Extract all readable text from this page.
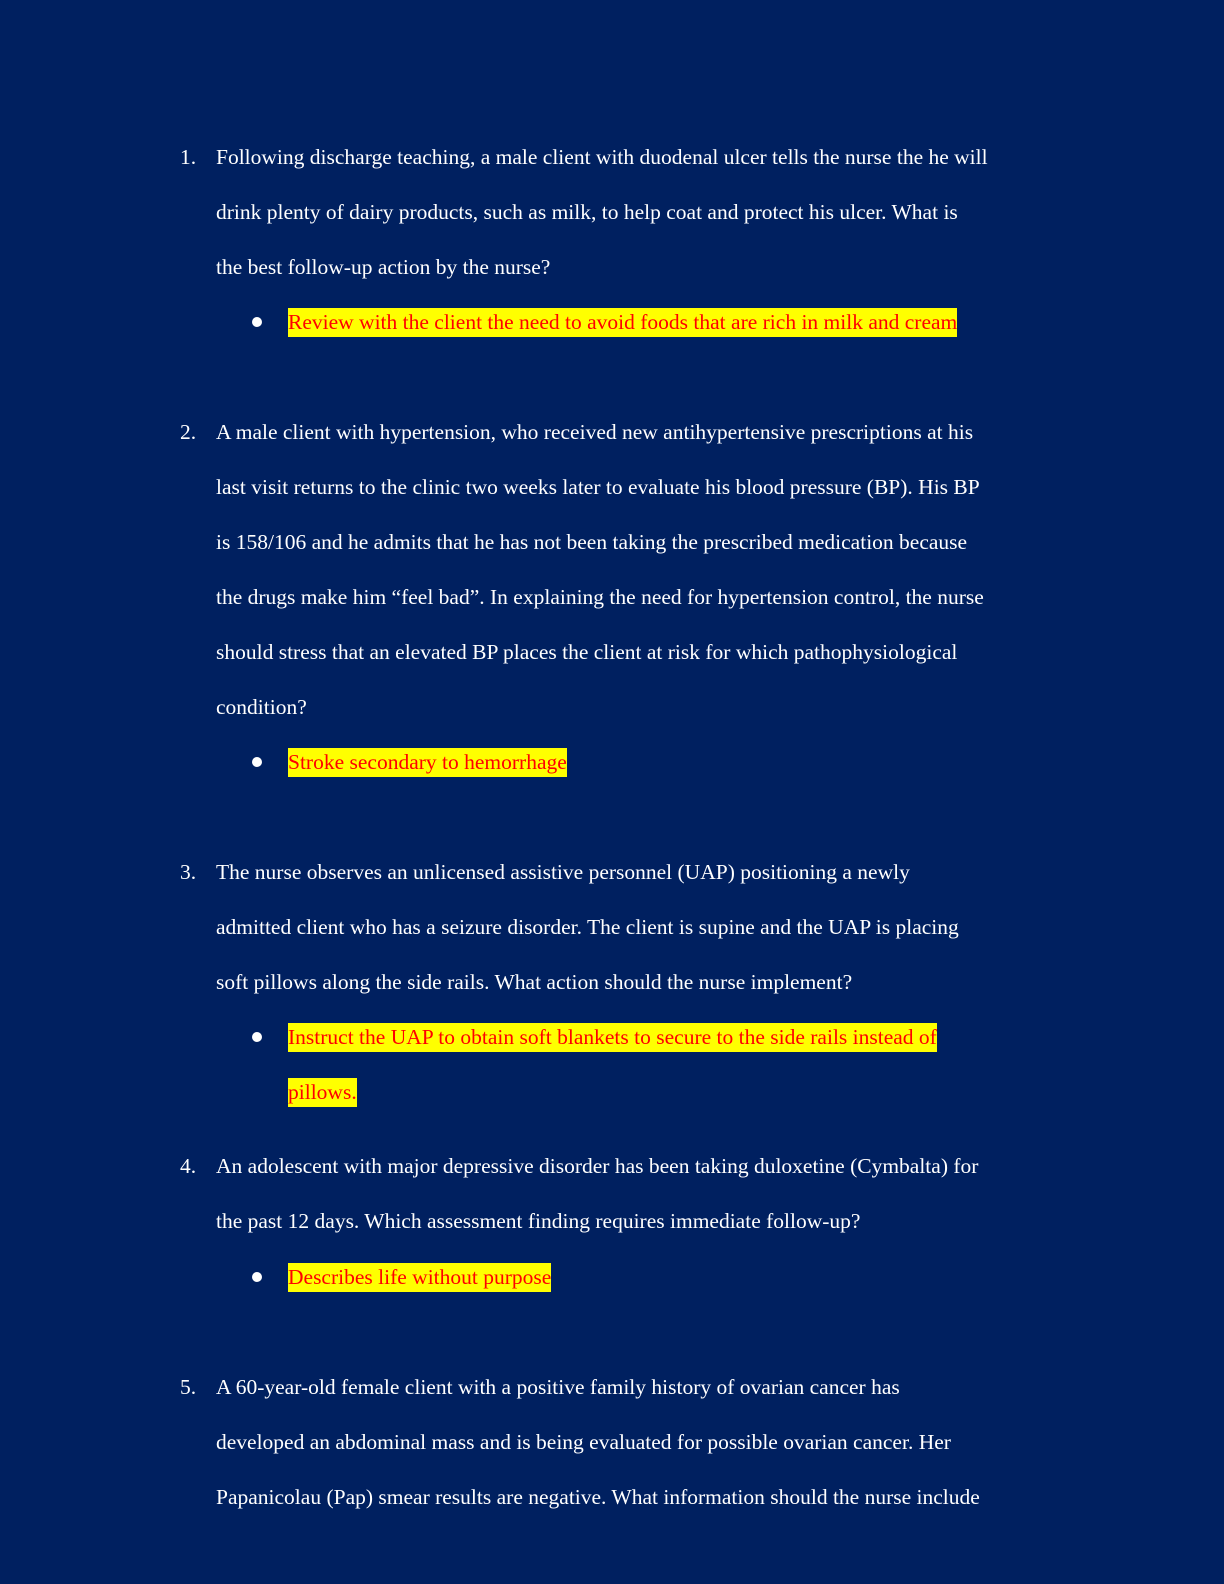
1. Following discharge teaching, a male client with duodenal ulcer tells the nurse the he will
drink plenty of dairy products, such as milk, to help coat and protect his ulcer. What is
the best follow-up action by the nurse?
Review with the client the need to avoid foods that are rich in milk and cream
2. A male client with hypertension, who received new antihypertensive prescriptions at his
last visit returns to the clinic two weeks later to evaluate his blood pressure (BP). His BP
is 158/106 and he admits that he has not been taking the prescribed medication because
the drugs make him “feel bad”. In explaining the need for hypertension control, the nurse
should stress that an elevated BP places the client at risk for which pathophysiological
condition?
Stroke secondary to hemorrhage
3. The nurse observes an unlicensed assistive personnel (UAP) positioning a newly
admitted client who has a seizure disorder. The client is supine and the UAP is placing
soft pillows along the side rails. What action should the nurse implement?
Instruct the UAP to obtain soft blankets to secure to the side rails instead of
pillows.
4. An adolescent with major depressive disorder has been taking duloxetine (Cymbalta) for
the past 12 days. Which assessment finding requires immediate follow-up?
Describes life without purpose
5. A 60-year-old female client with a positive family history of ovarian cancer has
developed an abdominal mass and is being evaluated for possible ovarian cancer. Her
Papanicolau (Pap) smear results are negative. What information should the nurse include
